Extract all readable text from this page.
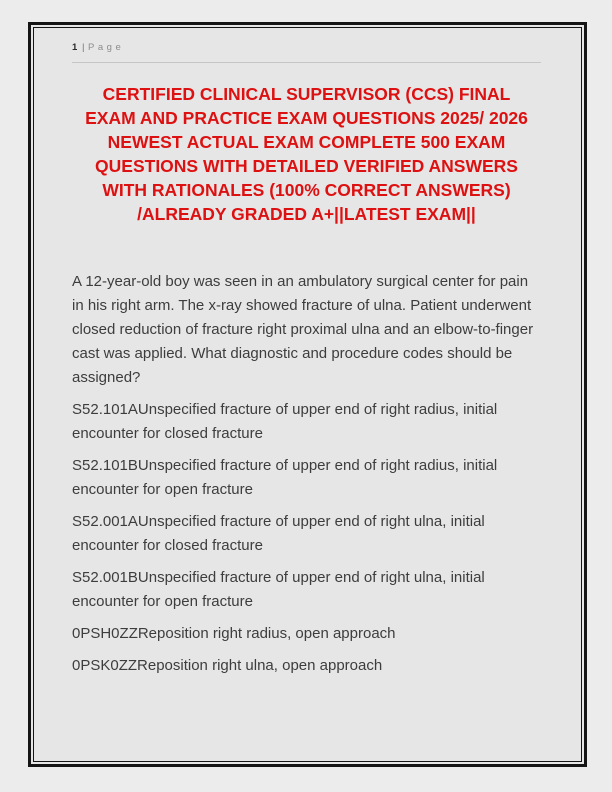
1 | Page
CERTIFIED CLINICAL SUPERVISOR (CCS) FINAL
EXAM AND PRACTICE EXAM QUESTIONS 2025/ 2026
NEWEST ACTUAL EXAM COMPLETE 500 EXAM
QUESTIONS WITH DETAILED VERIFIED ANSWERS
WITH RATIONALES (100% CORRECT ANSWERS)
/ALREADY GRADED A+||LATEST EXAM||

A 12-year-old boy was seen in an ambulatory surgical center for pain in his right arm. The x-ray showed fracture of ulna. Patient underwent closed reduction of fracture right proximal ulna and an elbow-to-finger cast was applied. What diagnostic and procedure codes should be assigned?

S52.101AUnspecified fracture of upper end of right radius, initial encounter for closed fracture

S52.101BUnspecified fracture of upper end of right radius, initial encounter for open fracture

S52.001AUnspecified fracture of upper end of right ulna, initial encounter for closed fracture

S52.001BUnspecified fracture of upper end of right ulna, initial encounter for open fracture

0PSH0ZZReposition right radius, open approach

0PSK0ZZReposition right ulna, open approach
